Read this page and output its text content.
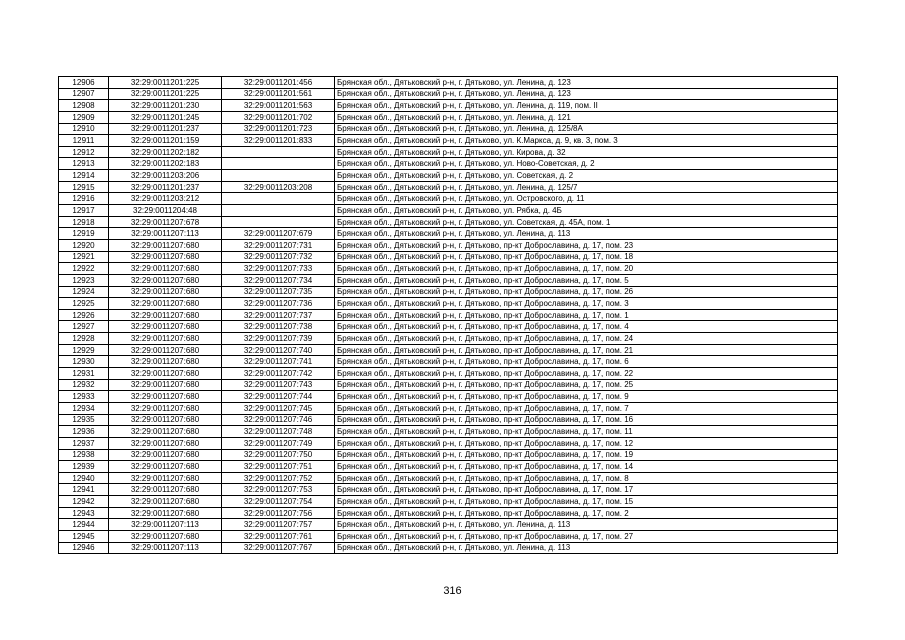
12906	32:29:0011201:225	32:29:0011201:456	Брянская обл., Дятьковский р-н, г. Дятьково, ул. Ленина, д. 123
12907	32:29:0011201:225	32:29:0011201:561	Брянская обл., Дятьковский р-н, г. Дятьково, ул. Ленина, д. 123
12908	32:29:0011201:230	32:29:0011201:563	Брянская обл., Дятьковский р-н, г. Дятьково, ул. Ленина, д. 119, пом. II
12909	32:29:0011201:245	32:29:0011201:702	Брянская обл., Дятьковский р-н, г. Дятьково, ул. Ленина, д. 121
12910	32:29:0011201:237	32:29:0011201:723	Брянская обл., Дятьковский р-н, г. Дятьково, ул. Ленина, д. 125/8А
12911	32:29:0011201:159	32:29:0011201:833	Брянская обл., Дятьковский р-н, г. Дятьково, ул. К.Маркса, д. 9, кв. 3, пом. 3
12912	32:29:0011202:182		Брянская обл., Дятьковский р-н, г. Дятьково, ул. Кирова, д. 32
12913	32:29:0011202:183		Брянская обл., Дятьковский р-н, г. Дятьково, ул. Ново-Советская, д. 2
12914	32:29:0011203:206		Брянская обл., Дятьковский р-н, г. Дятьково, ул. Советская, д. 2
12915	32:29:0011201:237	32:29:0011203:208	Брянская обл., Дятьковский р-н, г. Дятьково, ул. Ленина, д. 125/7
12916	32:29:0011203:212		Брянская обл., Дятьковский р-н, г. Дятьково, ул. Островского, д. 11
12917	32:29:0011204:48		Брянская обл., Дятьковский р-н, г. Дятьково, ул. Рябка, д. 4Б
12918	32:29:0011207:678		Брянская обл., Дятьковский р-н, г. Дятьково, ул. Советская, д. 45А, пом. 1
12919	32:29:0011207:113	32:29:0011207:679	Брянская обл., Дятьковский р-н, г. Дятьково, ул. Ленина, д. 113
12920	32:29:0011207:680	32:29:0011207:731	Брянская обл., Дятьковский р-н, г. Дятьково, пр-кт Доброславина, д. 17, пом. 23
12921	32:29:0011207:680	32:29:0011207:732	Брянская обл., Дятьковский р-н, г. Дятьково, пр-кт Доброславина, д. 17, пом. 18
12922	32:29:0011207:680	32:29:0011207:733	Брянская обл., Дятьковский р-н, г. Дятьково, пр-кт Доброславина, д. 17, пом. 20
12923	32:29:0011207:680	32:29:0011207:734	Брянская обл., Дятьковский р-н, г. Дятьково, пр-кт Доброславина, д. 17, пом. 5
12924	32:29:0011207:680	32:29:0011207:735	Брянская обл., Дятьковский р-н, г. Дятьково, пр-кт Доброславина, д. 17, пом. 26
12925	32:29:0011207:680	32:29:0011207:736	Брянская обл., Дятьковский р-н, г. Дятьково, пр-кт Доброславина, д. 17, пом. 3
12926	32:29:0011207:680	32:29:0011207:737	Брянская обл., Дятьковский р-н, г. Дятьково, пр-кт Доброславина, д. 17, пом. 1
12927	32:29:0011207:680	32:29:0011207:738	Брянская обл., Дятьковский р-н, г. Дятьково, пр-кт Доброславина, д. 17, пом. 4
12928	32:29:0011207:680	32:29:0011207:739	Брянская обл., Дятьковский р-н, г. Дятьково, пр-кт Доброславина, д. 17, пом. 24
12929	32:29:0011207:680	32:29:0011207:740	Брянская обл., Дятьковский р-н, г. Дятьково, пр-кт Доброславина, д. 17, пом. 21
12930	32:29:0011207:680	32:29:0011207:741	Брянская обл., Дятьковский р-н, г. Дятьково, пр-кт Доброславина, д. 17, пом. 6
12931	32:29:0011207:680	32:29:0011207:742	Брянская обл., Дятьковский р-н, г. Дятьково, пр-кт Доброславина, д. 17, пом. 22
12932	32:29:0011207:680	32:29:0011207:743	Брянская обл., Дятьковский р-н, г. Дятьково, пр-кт Доброславина, д. 17, пом. 25
12933	32:29:0011207:680	32:29:0011207:744	Брянская обл., Дятьковский р-н, г. Дятьково, пр-кт Доброславина, д. 17, пом. 9
12934	32:29:0011207:680	32:29:0011207:745	Брянская обл., Дятьковский р-н, г. Дятьково, пр-кт Доброславина, д. 17, пом. 7
12935	32:29:0011207:680	32:29:0011207:746	Брянская обл., Дятьковский р-н, г. Дятьково, пр-кт Доброславина, д. 17, пом. 16
12936	32:29:0011207:680	32:29:0011207:748	Брянская обл., Дятьковский р-н, г. Дятьково, пр-кт Доброславина, д. 17, пом. 11
12937	32:29:0011207:680	32:29:0011207:749	Брянская обл., Дятьковский р-н, г. Дятьково, пр-кт Доброславина, д. 17, пом. 12
12938	32:29:0011207:680	32:29:0011207:750	Брянская обл., Дятьковский р-н, г. Дятьково, пр-кт Доброславина, д. 17, пом. 19
12939	32:29:0011207:680	32:29:0011207:751	Брянская обл., Дятьковский р-н, г. Дятьково, пр-кт Доброславина, д. 17, пом. 14
12940	32:29:0011207:680	32:29:0011207:752	Брянская обл., Дятьковский р-н, г. Дятьково, пр-кт Доброславина, д. 17, пом. 8
12941	32:29:0011207:680	32:29:0011207:753	Брянская обл., Дятьковский р-н, г. Дятьково, пр-кт Доброславина, д. 17, пом. 17
12942	32:29:0011207:680	32:29:0011207:754	Брянская обл., Дятьковский р-н, г. Дятьково, пр-кт Доброславина, д. 17, пом. 15
12943	32:29:0011207:680	32:29:0011207:756	Брянская обл., Дятьковский р-н, г. Дятьково, пр-кт Доброславина, д. 17, пом. 2
12944	32:29:0011207:113	32:29:0011207:757	Брянская обл., Дятьковский р-н, г. Дятьково, ул. Ленина, д. 113
12945	32:29:0011207:680	32:29:0011207:761	Брянская обл., Дятьковский р-н, г. Дятьково, пр-кт Доброславина, д. 17, пом. 27
12946	32:29:0011207:113	32:29:0011207:767	Брянская обл., Дятьковский р-н, г. Дятьково, ул. Ленина, д. 113
316
